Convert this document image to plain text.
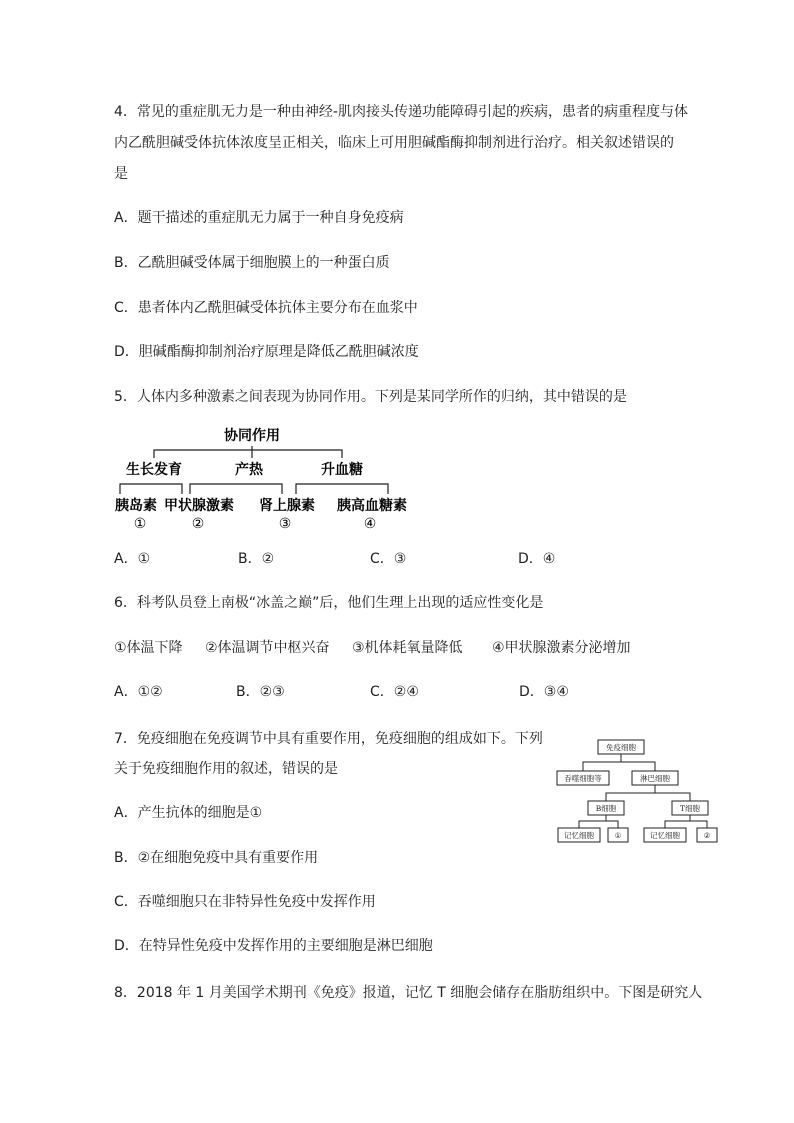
4．常见的重症肌无力是一种由神经-肌肉接头传递功能障碍引起的疾病，患者的病重程度与体
内乙酰胆碱受体抗体浓度呈正相关，临床上可用胆碱酯酶抑制剂进行治疗。相关叙述错误的
是
A．题干描述的重症肌无力属于一种自身免疫病
B．乙酰胆碱受体属于细胞膜上的一种蛋白质
C．患者体内乙酰胆碱受体抗体主要分布在血浆中
D．胆碱酯酶抑制剂治疗原理是降低乙酰胆碱浓度
5．人体内多种激素之间表现为协同作用。下列是某同学所作的归纳，其中错误的是
协同作用
生长发育	产热	升血糖
胰岛素 甲状腺激素 肾上腺素 胰高血糖素
①	②	③	④
A．①	B．②	C．③	D．④
6．科考队员登上南极“冰盖之巅”后，他们生理上出现的适应性变化是
①体温下降 ②体温调节中枢兴奋 ③机体耗氧量降低 ④甲状腺激素分泌增加
A．①②	B．②③	C．②④	D．③④
7．免疫细胞在免疫调节中具有重要作用，免疫细胞的组成如下。下列
关于免疫细胞作用的叙述，错误的是
免疫细胞
吞噬细胞等	淋巴细胞
B细胞	T细胞
记忆细胞	①	记忆细胞	②
A．产生抗体的细胞是①
B．②在细胞免疫中具有重要作用
C．吞噬细胞只在非特异性免疫中发挥作用
D．在特异性免疫中发挥作用的主要细胞是淋巴细胞
8．2018 年 1 月美国学术期刊《免疫》报道，记忆 T 细胞会储存在脂肪组织中。下图是研究人
